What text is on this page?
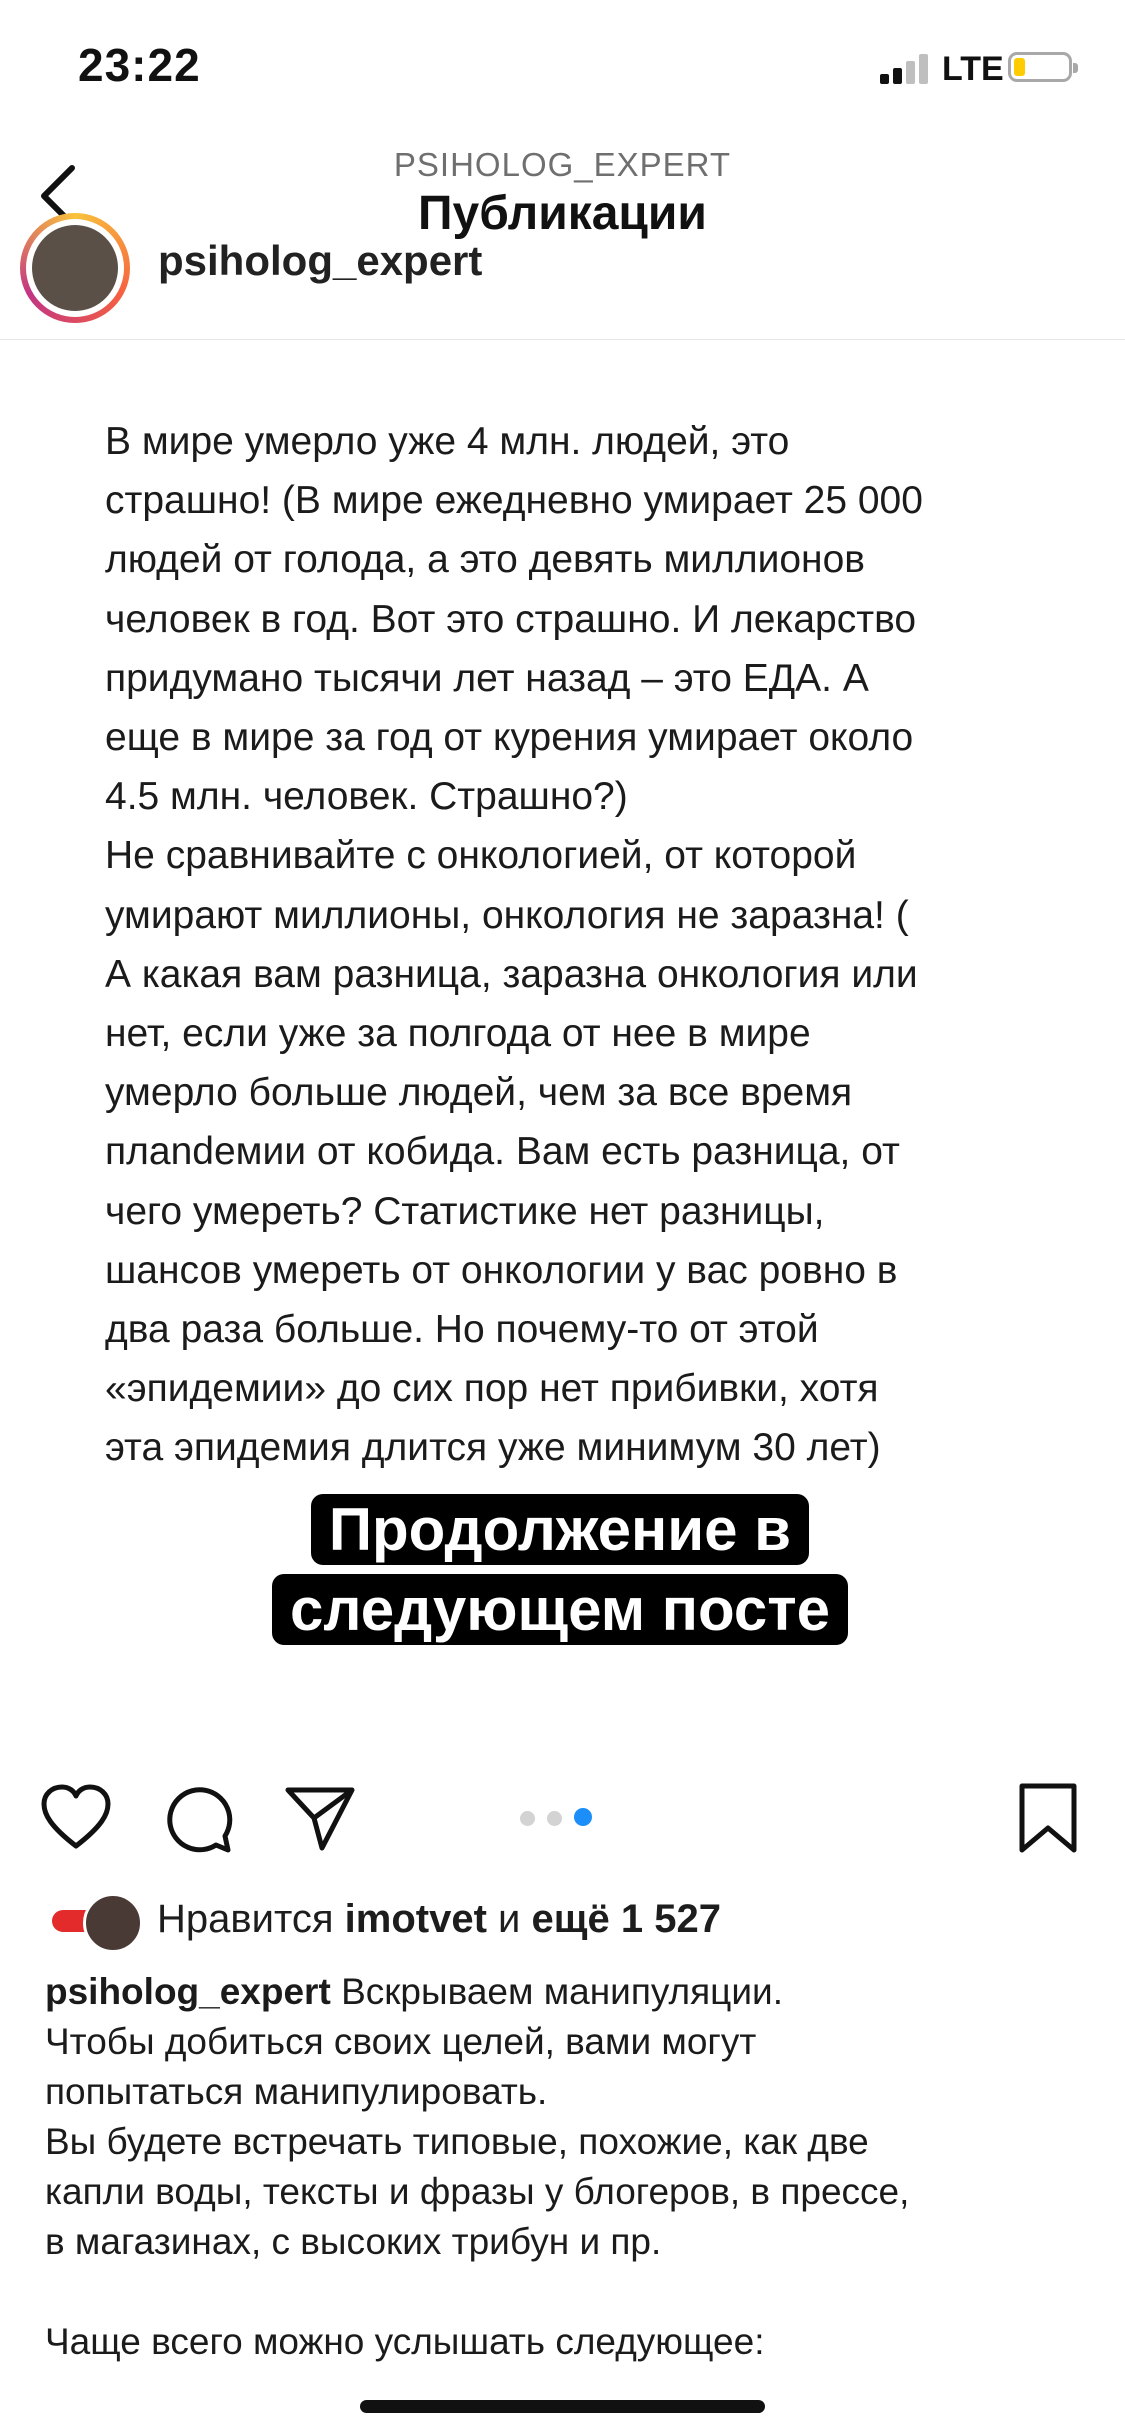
23:22	LTE
PSIHOLOG_EXPERT
Публикации
psiholog_expert
В мире умерло уже 4 млн. людей, это
страшно! (В мире ежедневно умирает 25 000
людей от голода, а это девять миллионов
человек в год. Вот это страшно. И лекарство
придумано тысячи лет назад – это ЕДА. А
еще в мире за год от курения умирает около
4.5 млн. человек. Страшно?)
Не сравнивайте с онкологией, от которой
умирают миллионы, онкология не заразна! (
А какая вам разница, заразна онкология или
нет, если уже за полгода от нее в мире
умерло больше людей, чем за все время
плandемии от кобида. Вам есть разница, от
чего умереть? Статистике нет разницы,
шансов умереть от онкологии у вас ровно в
два раза больше. Но почему-то от этой
«эпидемии» до сих пор нет прибивки, хотя
эта эпидемия длится уже минимум 30 лет)
Продолжение в следующем посте
Нравится imotvet и ещё 1 527
psiholog_expert Вскрываем манипуляции.
Чтобы добиться своих целей, вами могут
попытаться манипулировать.
Вы будете встречать типовые, похожие, как две
капли воды, тексты и фразы у блогеров, в прессе,
в магазинах, с высоких трибун и пр.

Чаще всего можно услышать следующее:
